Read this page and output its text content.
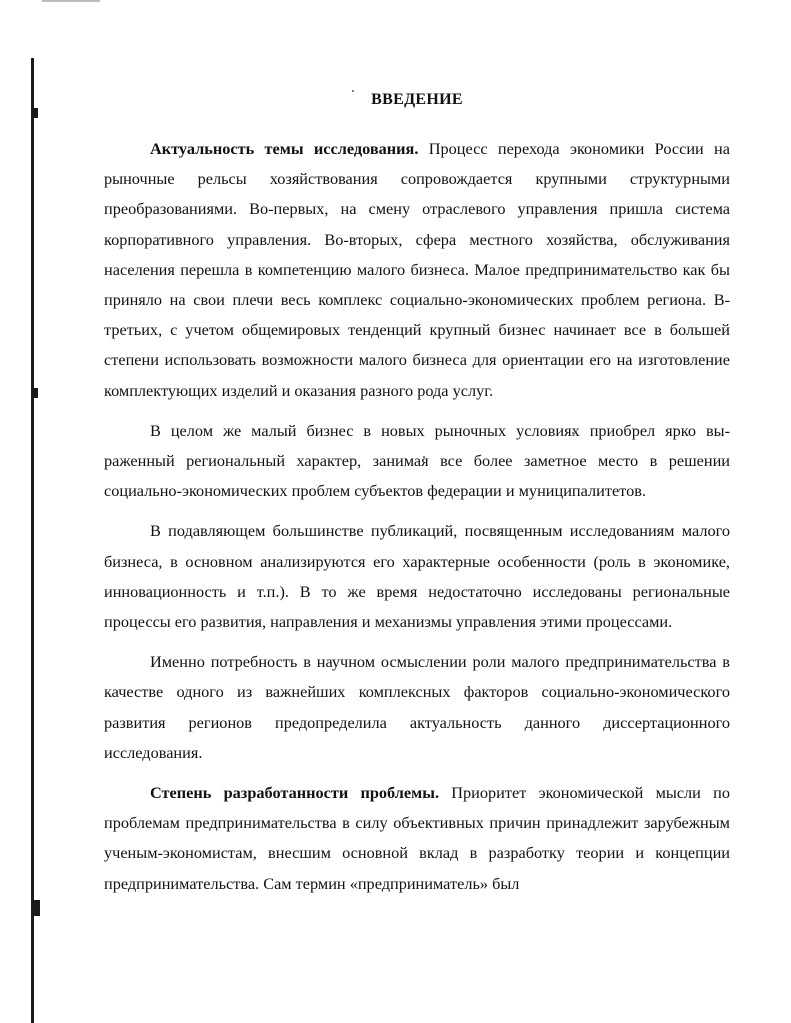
ВВЕДЕНИЕ

Актуальность темы исследования. Процесс перехода экономики России на рыночные рельсы хозяйствования сопровождается крупными структурными преобразованиями. Во-первых, на смену отраслевого управления пришла система корпоративного управления. Во-вторых, сфера местного хозяйства, обслуживания населения перешла в компетенцию малого бизнеса. Малое предпринимательство как бы приняло на свои плечи весь комплекс социально-экономических проблем региона. В-третьих, с учетом общемировых тенденций крупный бизнес начинает все в большей степени использовать возможности малого бизнеса для ориентации его на изготовление комплектующих изделий и оказания разного рода услуг.

В целом же малый бизнес в новых рыночных условиях приобрел ярко выраженный региональный характер, занимая все более заметное место в решении социально-экономических проблем субъектов федерации и муниципалитетов.

В подавляющем большинстве публикаций, посвященным исследованиям малого бизнеса, в основном анализируются его характерные особенности (роль в экономике, инновационность и т.п.). В то же время недостаточно исследованы региональные процессы его развития, направления и механизмы управления этими процессами.

Именно потребность в научном осмыслении роли малого предпринимательства в качестве одного из важнейших комплексных факторов социально-экономического развития регионов предопределила актуальность данного диссертационного исследования.

Степень разработанности проблемы. Приоритет экономической мысли по проблемам предпринимательства в силу объективных причин принадлежит зарубежным ученым-экономистам, внесшим основной вклад в разработку теории и концепции предпринимательства. Сам термин «предприниматель» был
